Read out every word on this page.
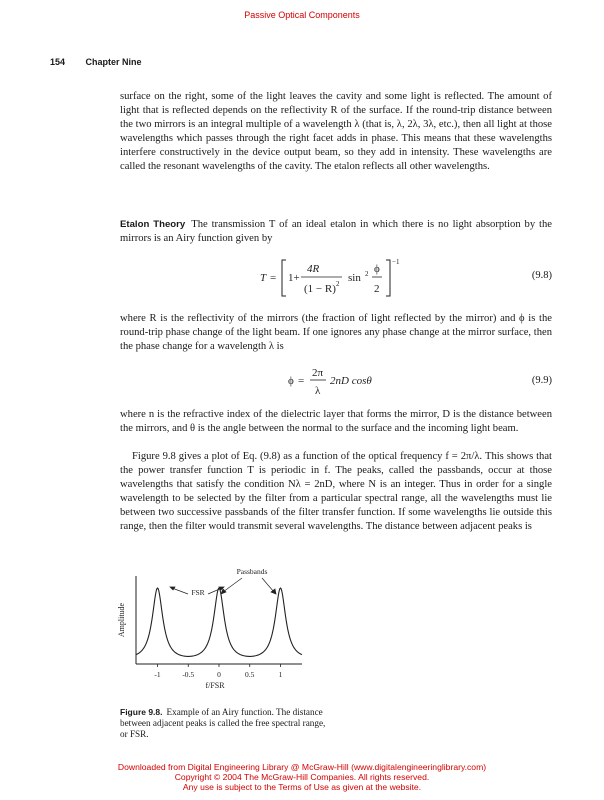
Passive Optical Components
154 Chapter Nine

surface on the right, some of the light leaves the cavity and some light is reflected. The amount of light that is reflected depends on the reflectivity R of the surface. If the round-trip distance between the two mirrors is an integral multiple of a wavelength λ (that is, λ, 2λ, 3λ, etc.), then all light at those wavelengths which passes through the right facet adds in phase. This means that these wavelengths interfere constructively in the device output beam, so they add in intensity. These wavelengths are called the resonant wavelengths of the cavity. The etalon reflects all other wavelengths.

Etalon Theory The transmission T of an ideal etalon in which there is no light absorption by the mirrors is an Airy function given by

T = 1+
4R
(1 − R) 2 sin 2 ϕ
2
−1
(9.8)

where R is the reflectivity of the mirrors (the fraction of light reflected by the mirror) and ϕ is the round-trip phase change of the light beam. If one ignores any phase change at the mirror surface, then the phase change for a wavelength λ is

ϕ =
2π
λ
2nD cosθ	(9.9)

where n is the refractive index of the dielectric layer that forms the mirror, D is the distance between the mirrors, and θ is the angle between the normal to the surface and the incoming light beam.

Figure 9.8 gives a plot of Eq. (9.8) as a function of the optical frequency f = 2π/λ. This shows that the power transfer function T is periodic in f. The peaks, called the passbands, occur at those wavelengths that satisfy the condition Nλ = 2nD, where N is an integer. Thus in order for a single wavelength to be selected by the filter from a particular spectral range, all the wavelengths must lie between two successive passbands of the filter transfer function. If some wavelengths lie outside this range, then the filter would transmit several wavelengths. The distance between adjacent peaks is

-1	-0.5	0	0.5	1
f/FSR
Amplitude
Passbands
FSR
Figure 9.8. Example of an Airy function. The distance between adjacent peaks is called the free spectral range, or FSR.
Downloaded from Digital Engineering Library @ McGraw-Hill (www.digitalengineeringlibrary.com)
Copyright © 2004 The McGraw-Hill Companies. All rights reserved.
Any use is subject to the Terms of Use as given at the website.
